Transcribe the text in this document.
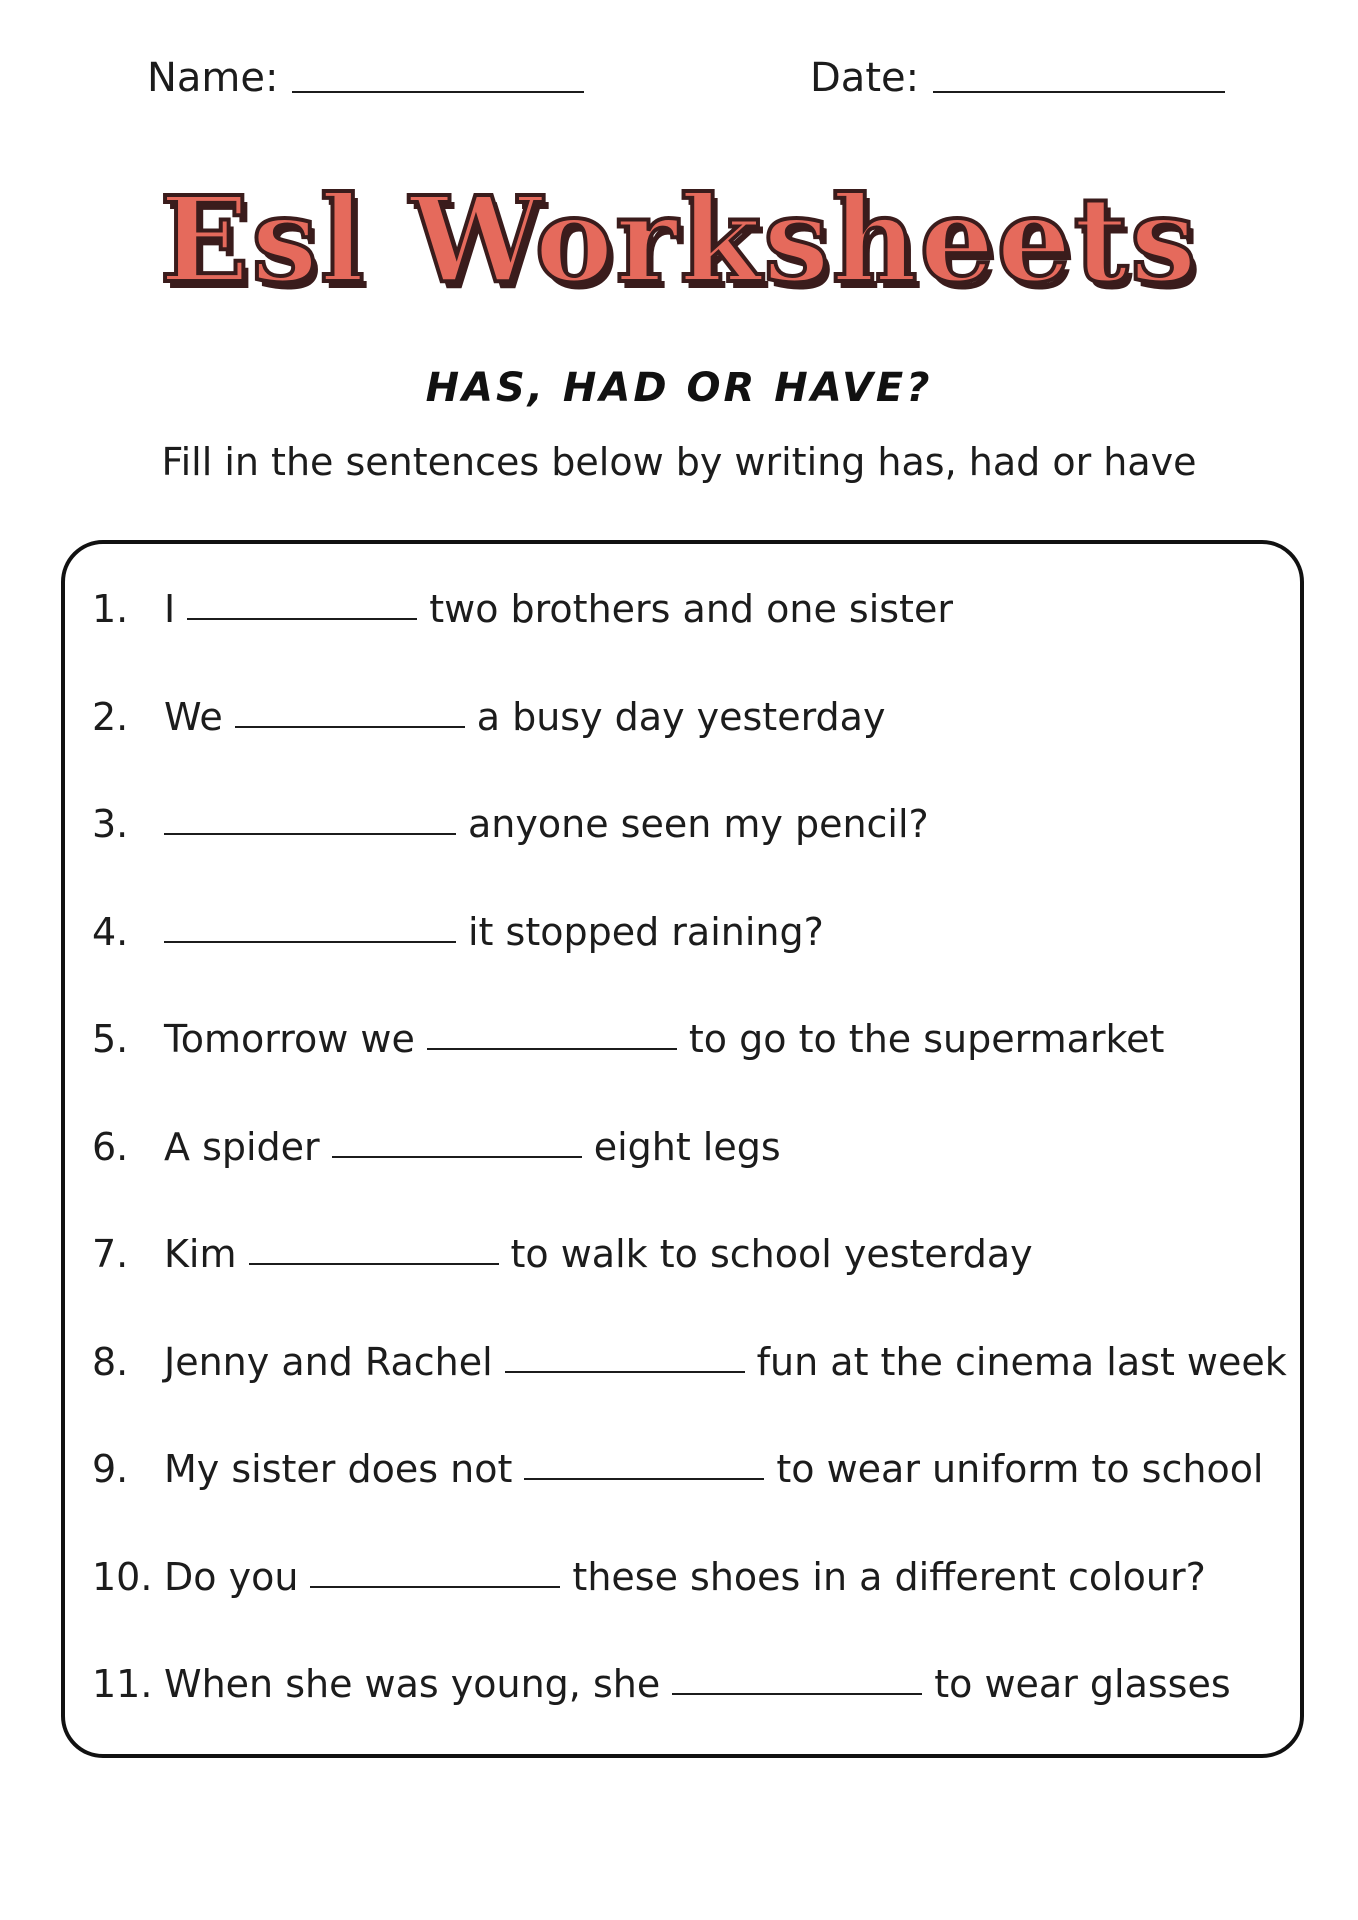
Name:	Date:
Esl Worksheets
HAS, HAD OR HAVE?
Fill in the sentences below by writing has, had or have
1. I	two brothers and one sister
2. We	a busy day yesterday
3.	anyone seen my pencil?
4.	it stopped raining?
5. Tomorrow we	to go to the supermarket
6. A spider	eight legs
7. Kim	to walk to school yesterday
8. Jenny and Rachel	fun at the cinema last week
9. My sister does not	to wear uniform to school
10. Do you	these shoes in a different colour?
11. When she was young, she	to wear glasses
